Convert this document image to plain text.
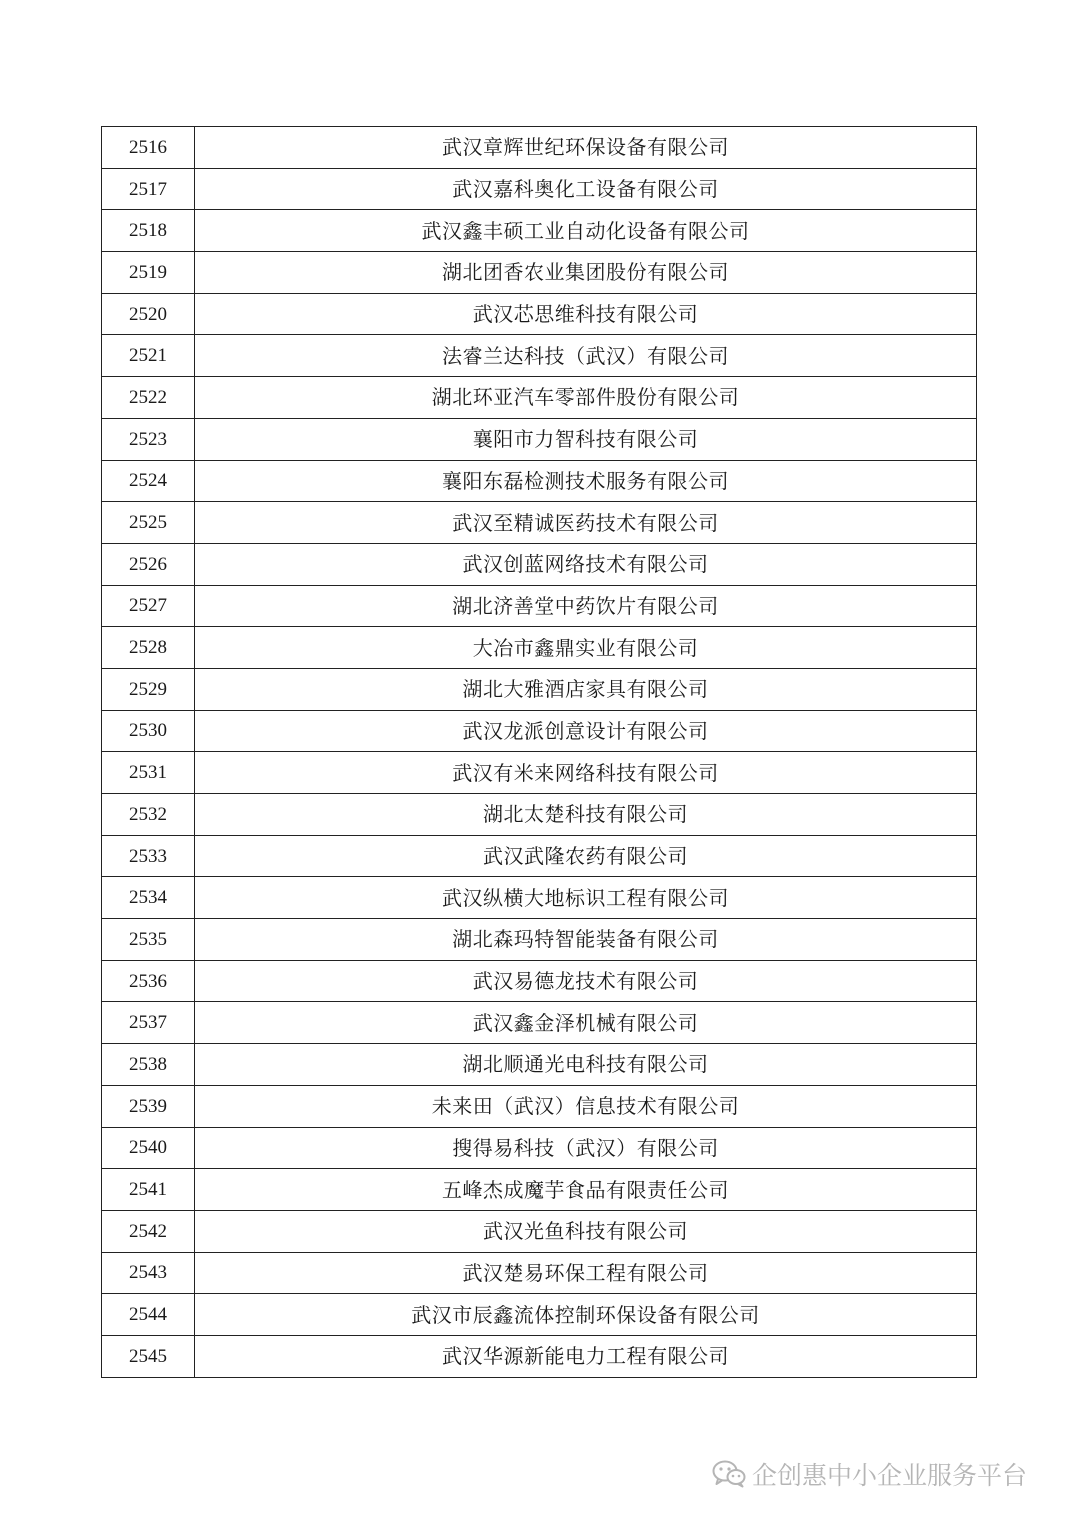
2516	武汉章辉世纪环保设备有限公司
2517	武汉嘉科奥化工设备有限公司
2518	武汉鑫丰硕工业自动化设备有限公司
2519	湖北团香农业集团股份有限公司
2520	武汉芯思维科技有限公司
2521	法睿兰达科技（武汉）有限公司
2522	湖北环亚汽车零部件股份有限公司
2523	襄阳市力智科技有限公司
2524	襄阳东磊检测技术服务有限公司
2525	武汉至精诚医药技术有限公司
2526	武汉创蓝网络技术有限公司
2527	湖北济善堂中药饮片有限公司
2528	大冶市鑫鼎实业有限公司
2529	湖北大雅酒店家具有限公司
2530	武汉龙派创意设计有限公司
2531	武汉有米来网络科技有限公司
2532	湖北太楚科技有限公司
2533	武汉武隆农药有限公司
2534	武汉纵横大地标识工程有限公司
2535	湖北森玛特智能装备有限公司
2536	武汉易德龙技术有限公司
2537	武汉鑫金泽机械有限公司
2538	湖北顺通光电科技有限公司
2539	未来田（武汉）信息技术有限公司
2540	搜得易科技（武汉）有限公司
2541	五峰杰成魔芋食品有限责任公司
2542	武汉光鱼科技有限公司
2543	武汉楚易环保工程有限公司
2544	武汉市辰鑫流体控制环保设备有限公司
2545	武汉华源新能电力工程有限公司
企创惠中小企业服务平台
